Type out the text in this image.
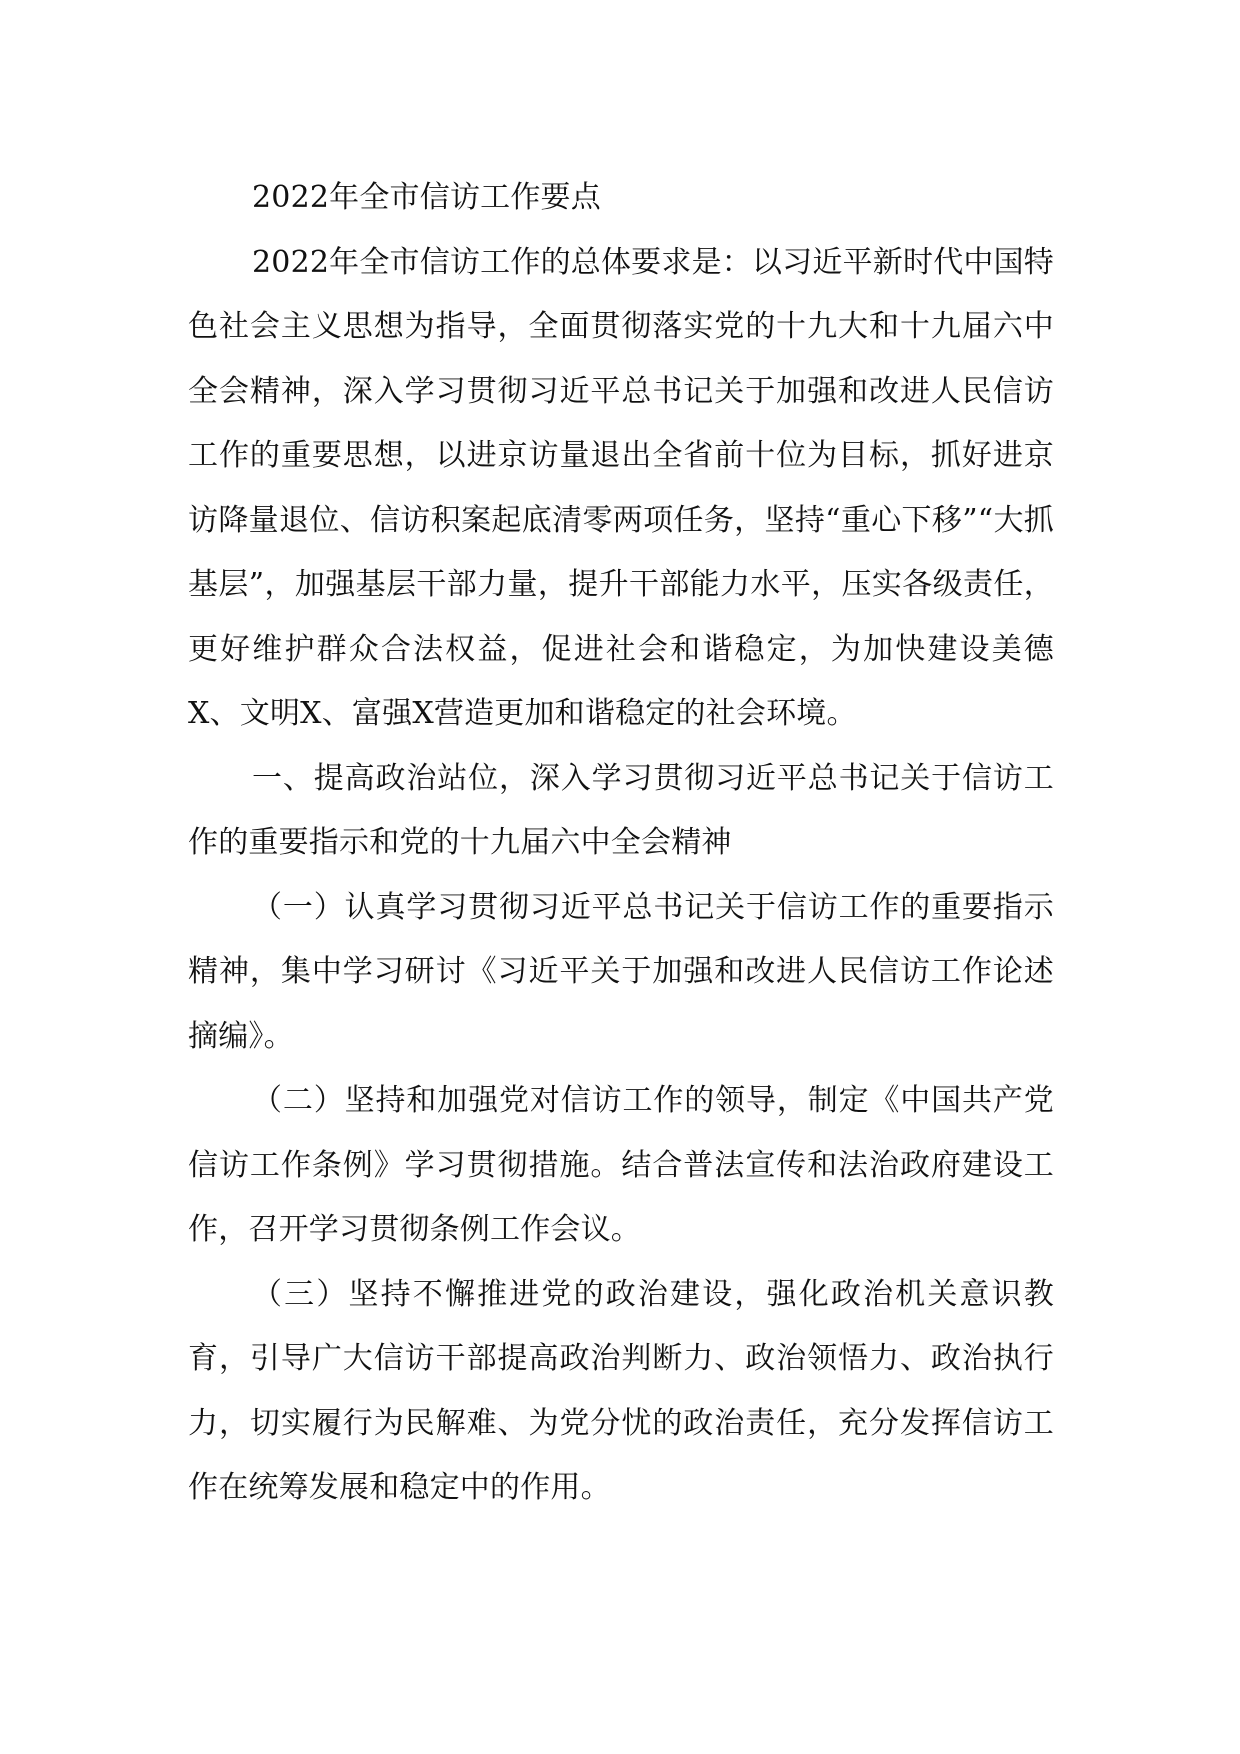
2022年全市信访工作要点

2022年全市信访工作的总体要求是：以习近平新时代中国特色社会主义思想为指导，全面贯彻落实党的十九大和十九届六中全会精神，深入学习贯彻习近平总书记关于加强和改进人民信访工作的重要思想，以进京访量退出全省前十位为目标，抓好进京访降量退位、信访积案起底清零两项任务，坚持“重心下移”“大抓基层”，加强基层干部力量，提升干部能力水平，压实各级责任，更好维护群众合法权益，促进社会和谐稳定，为加快建设美德X、文明X、富强X营造更加和谐稳定的社会环境。

一、提高政治站位，深入学习贯彻习近平总书记关于信访工作的重要指示和党的十九届六中全会精神

（一）认真学习贯彻习近平总书记关于信访工作的重要指示精神，集中学习研讨《习近平关于加强和改进人民信访工作论述摘编》。

（二）坚持和加强党对信访工作的领导，制定《中国共产党信访工作条例》学习贯彻措施。结合普法宣传和法治政府建设工作，召开学习贯彻条例工作会议。

（三）坚持不懈推进党的政治建设，强化政治机关意识教育，引导广大信访干部提高政治判断力、政治领悟力、政治执行力，切实履行为民解难、为党分忧的政治责任，充分发挥信访工作在统筹发展和稳定中的作用。
